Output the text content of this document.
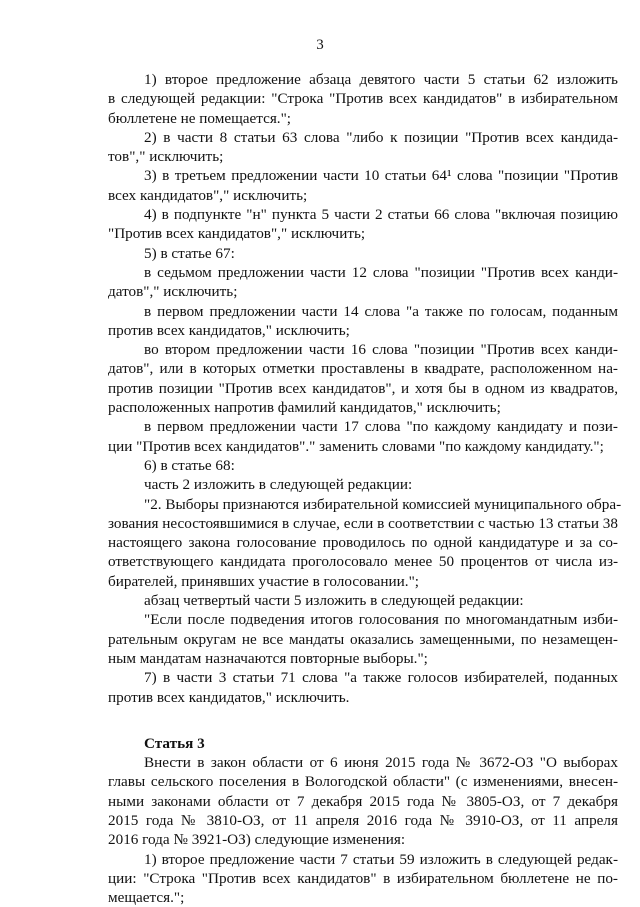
3
1) второе предложение абзаца девятого части 5 статьи 62 изложить
в следующей редакции: "Строка "Против всех кандидатов" в избирательном
бюллетене не помещается.";
2) в части 8 статьи 63 слова "либо к позиции "Против всех кандида-
тов"," исключить;
3) в третьем предложении части 10 статьи 64¹ слова "позиции "Против
всех кандидатов"," исключить;
4) в подпункте "н" пункта 5 части 2 статьи 66 слова "включая позицию
"Против всех кандидатов"," исключить;
5) в статье 67:
в седьмом предложении части 12 слова "позиции "Против всех канди-
датов"," исключить;
в первом предложении части 14 слова "а также по голосам, поданным
против всех кандидатов," исключить;
во втором предложении части 16 слова "позиции "Против всех канди-
датов", или в которых отметки проставлены в квадрате, расположенном на-
против позиции "Против всех кандидатов", и хотя бы в одном из квадратов,
расположенных напротив фамилий кандидатов," исключить;
в первом предложении части 17 слова "по каждому кандидату и пози-
ции "Против всех кандидатов"." заменить словами "по каждому кандидату.";
6) в статье 68:
часть 2 изложить в следующей редакции:
"2. Выборы признаются избирательной комиссией муниципального обра-
зования несостоявшимися в случае, если в соответствии с частью 13 статьи 38
настоящего закона голосование проводилось по одной кандидатуре и за со-
ответствующего кандидата проголосовало менее 50 процентов от числа из-
бирателей, принявших участие в голосовании.";
абзац четвертый части 5 изложить в следующей редакции:
"Если после подведения итогов голосования по многомандатным изби-
рательным округам не все мандаты оказались замещенными, по незамещен-
ным мандатам назначаются повторные выборы.";
7) в части 3 статьи 71 слова "а также голосов избирателей, поданных
против всех кандидатов," исключить.
Статья 3
Внести в закон области от 6 июня 2015 года № 3672-ОЗ "О выборах
главы сельского поселения в Вологодской области" (с изменениями, внесен-
ными законами области от 7 декабря 2015 года № 3805-ОЗ, от 7 декабря
2015 года № 3810-ОЗ, от 11 апреля 2016 года № 3910-ОЗ, от 11 апреля
2016 года № 3921-ОЗ) следующие изменения:
1) второе предложение части 7 статьи 59 изложить в следующей редак-
ции: "Строка "Против всех кандидатов" в избирательном бюллетене не по-
мещается.";
